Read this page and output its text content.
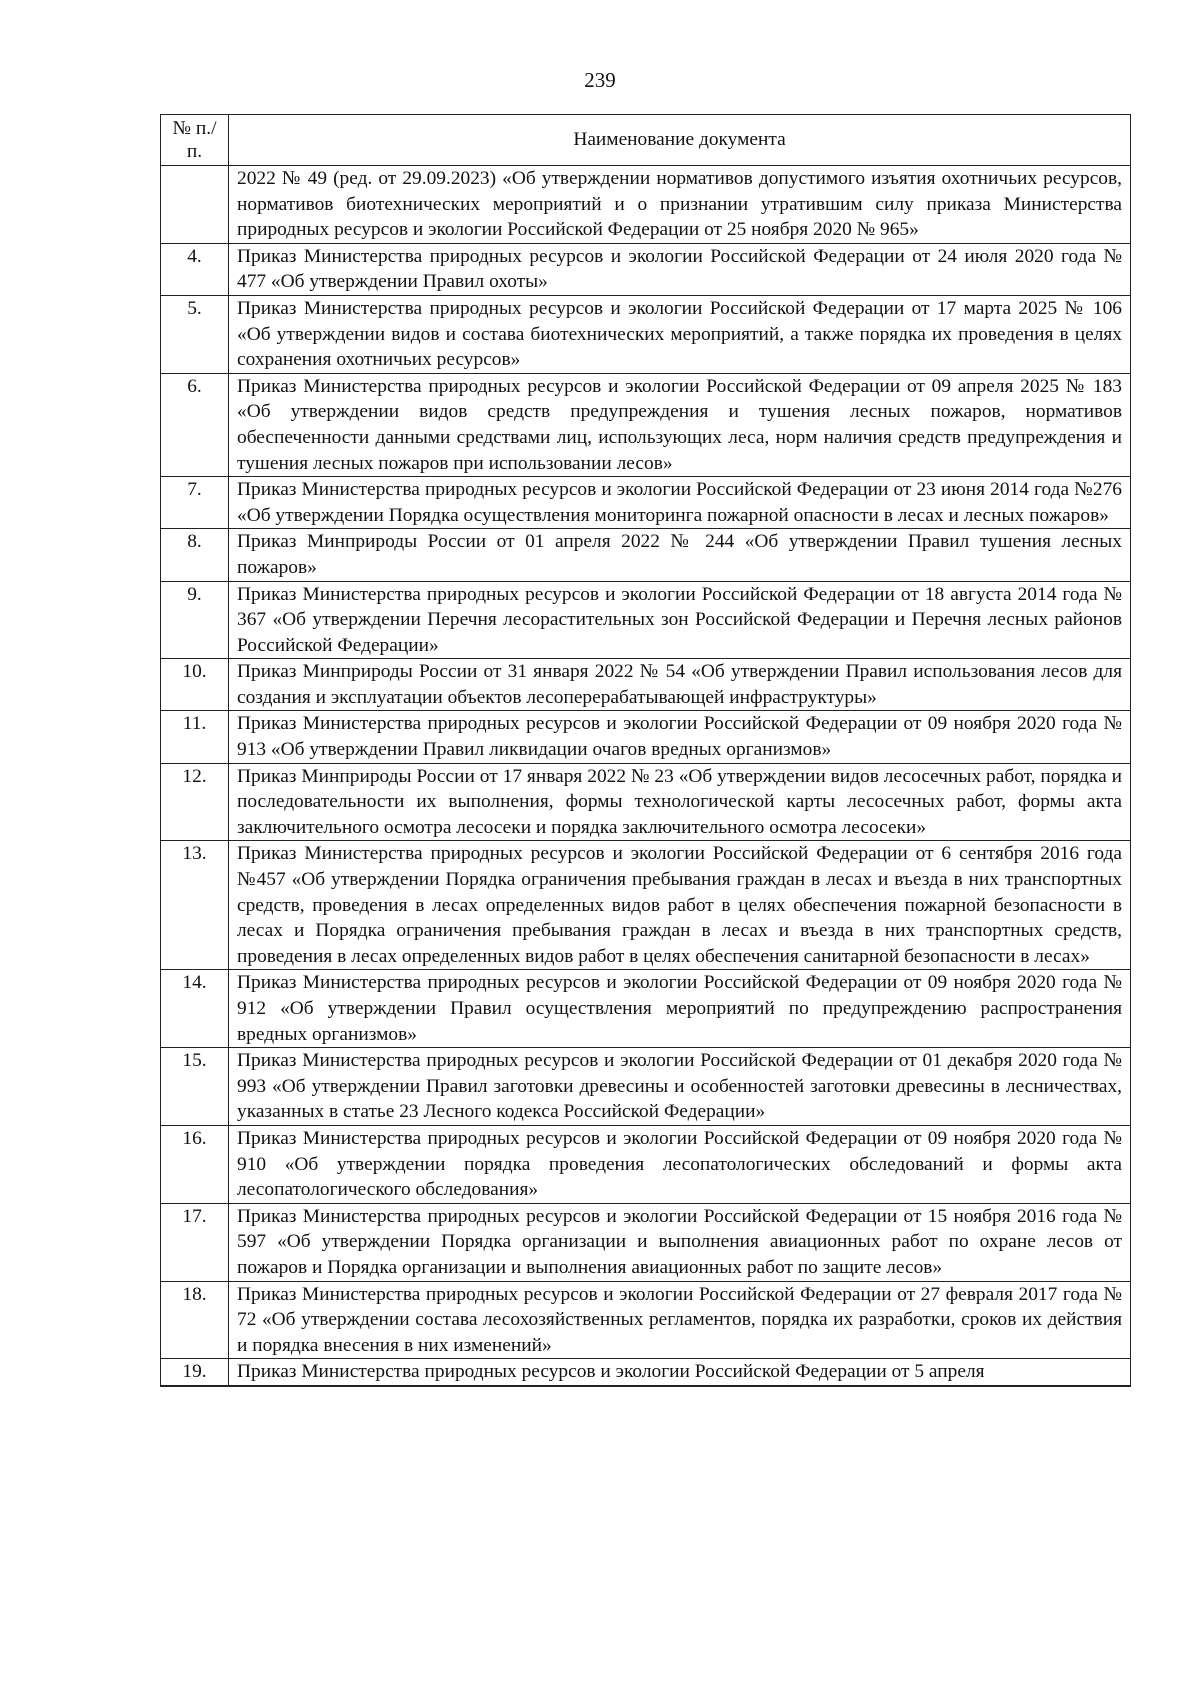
239
№ п./п.	Наименование документа
	2022 № 49 (ред. от 29.09.2023) «Об утверждении нормативов допустимого изъятия охотничьих ресурсов, нормативов биотехнических мероприятий и о признании утратившим силу приказа Министерства природных ресурсов и экологии Российской Федерации от 25 ноября 2020 № 965»
4.	Приказ Министерства природных ресурсов и экологии Российской Федерации от 24 июля 2020 года № 477 «Об утверждении Правил охоты»
5.	Приказ Министерства природных ресурсов и экологии Российской Федерации от 17 марта 2025 № 106 «Об утверждении видов и состава биотехнических мероприятий, а также порядка их проведения в целях сохранения охотничьих ресурсов»
6.	Приказ Министерства природных ресурсов и экологии Российской Федерации от 09 апреля 2025 № 183 «Об утверждении видов средств предупреждения и тушения лесных пожаров, нормативов обеспеченности данными средствами лиц, использующих леса, норм наличия средств предупреждения и тушения лесных пожаров при использовании лесов»
7.	Приказ Министерства природных ресурсов и экологии Российской Федерации от 23 июня 2014 года №276 «Об утверждении Порядка осуществления мониторинга пожарной опасности в лесах и лесных пожаров»
8.	Приказ Минприроды России от 01 апреля 2022 № 244 «Об утверждении Правил тушения лесных пожаров»
9.	Приказ Министерства природных ресурсов и экологии Российской Федерации от 18 августа 2014 года № 367 «Об утверждении Перечня лесорастительных зон Российской Федерации и Перечня лесных районов Российской Федерации»
10.	Приказ Минприроды России от 31 января 2022 № 54 «Об утверждении Правил использования лесов для создания и эксплуатации объектов лесоперерабатывающей инфраструктуры»
11.	Приказ Министерства природных ресурсов и экологии Российской Федерации от 09 ноября 2020 года № 913 «Об утверждении Правил ликвидации очагов вредных организмов»
12.	Приказ Минприроды России от 17 января 2022 № 23 «Об утверждении видов лесосечных работ, порядка и последовательности их выполнения, формы технологической карты лесосечных работ, формы акта заключительного осмотра лесосеки и порядка заключительного осмотра лесосеки»
13.	Приказ Министерства природных ресурсов и экологии Российской Федерации от 6 сентября 2016 года №457 «Об утверждении Порядка ограничения пребывания граждан в лесах и въезда в них транспортных средств, проведения в лесах определенных видов работ в целях обеспечения пожарной безопасности в лесах и Порядка ограничения пребывания граждан в лесах и въезда в них транспортных средств, проведения в лесах определенных видов работ в целях обеспечения санитарной безопасности в лесах»
14.	Приказ Министерства природных ресурсов и экологии Российской Федерации от 09 ноября 2020 года № 912 «Об утверждении Правил осуществления мероприятий по предупреждению распространения вредных организмов»
15.	Приказ Министерства природных ресурсов и экологии Российской Федерации от 01 декабря 2020 года № 993 «Об утверждении Правил заготовки древесины и особенностей заготовки древесины в лесничествах, указанных в статье 23 Лесного кодекса Российской Федерации»
16.	Приказ Министерства природных ресурсов и экологии Российской Федерации от 09 ноября 2020 года № 910 «Об утверждении порядка проведения лесопатологических обследований и формы акта лесопатологического обследования»
17.	Приказ Министерства природных ресурсов и экологии Российской Федерации от 15 ноября 2016 года № 597 «Об утверждении Порядка организации и выполнения авиационных работ по охране лесов от пожаров и Порядка организации и выполнения авиационных работ по защите лесов»
18.	Приказ Министерства природных ресурсов и экологии Российской Федерации от 27 февраля 2017 года № 72 «Об утверждении состава лесохозяйственных регламентов, порядка их разработки, сроков их действия и порядка внесения в них изменений»
19.	Приказ Министерства природных ресурсов и экологии Российской Федерации от 5 апреля
